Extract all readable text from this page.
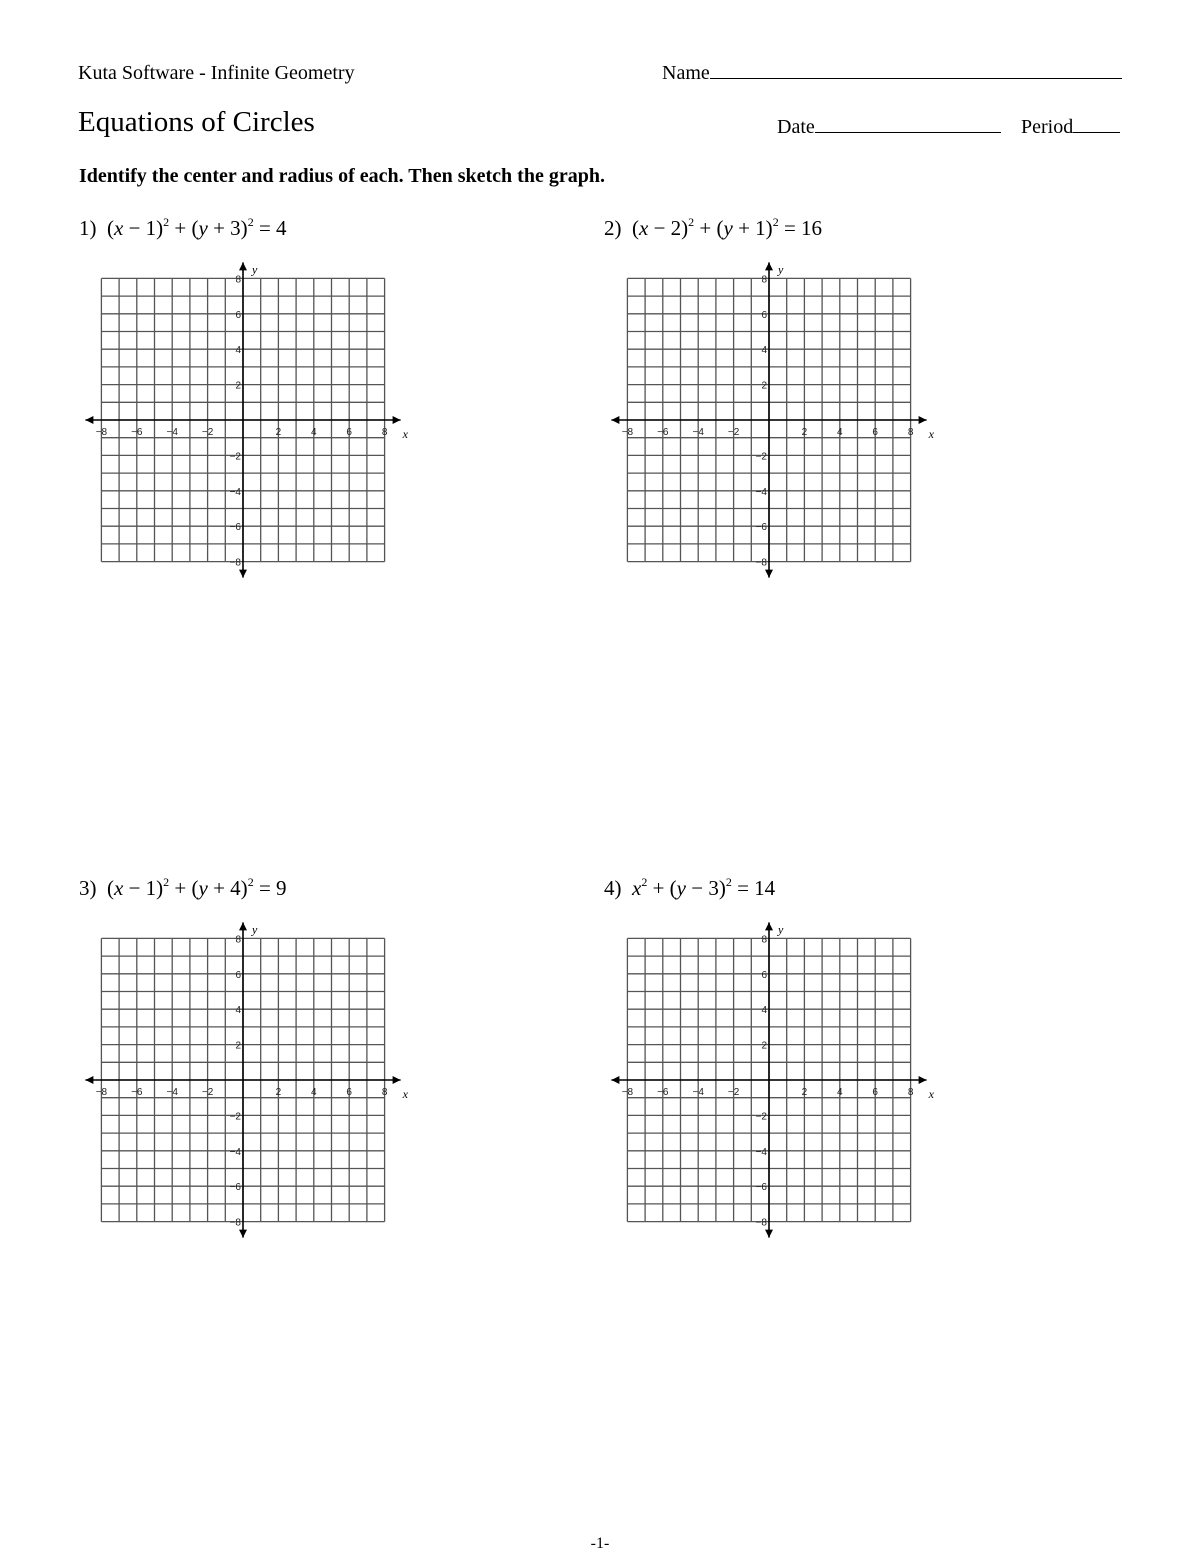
Kuta Software - Infinite Geometry	Name
Equations of Circles	Date	Period
Identify the center and radius of each. Then sketch the graph.
1) $(x - 1)^2 + (y + 3)^2 = 4$	2) $(x - 2)^2 + (y + 1)^2 = 16$
3) $(x - 1)^2 + (y + 4)^2 = 9$	4) $x^2 + (y - 3)^2 = 14$
x
y
−8 −6 −4 −2	2	4	6	8
8
6
4
2
−2
−4
−6
−8
x
y
−8 −6 −4 −2	2	4	6	8
8
6
4
2
−2
−4
−6
−8
x
y
−8 −6 −4 −2	2	4	6	8
8
6
4
2
−2
−4
−6
−8
x
y
−8 −6 −4 −2	2	4	6	8
8
6
4
2
−2
−4
−6
−8
-1-
